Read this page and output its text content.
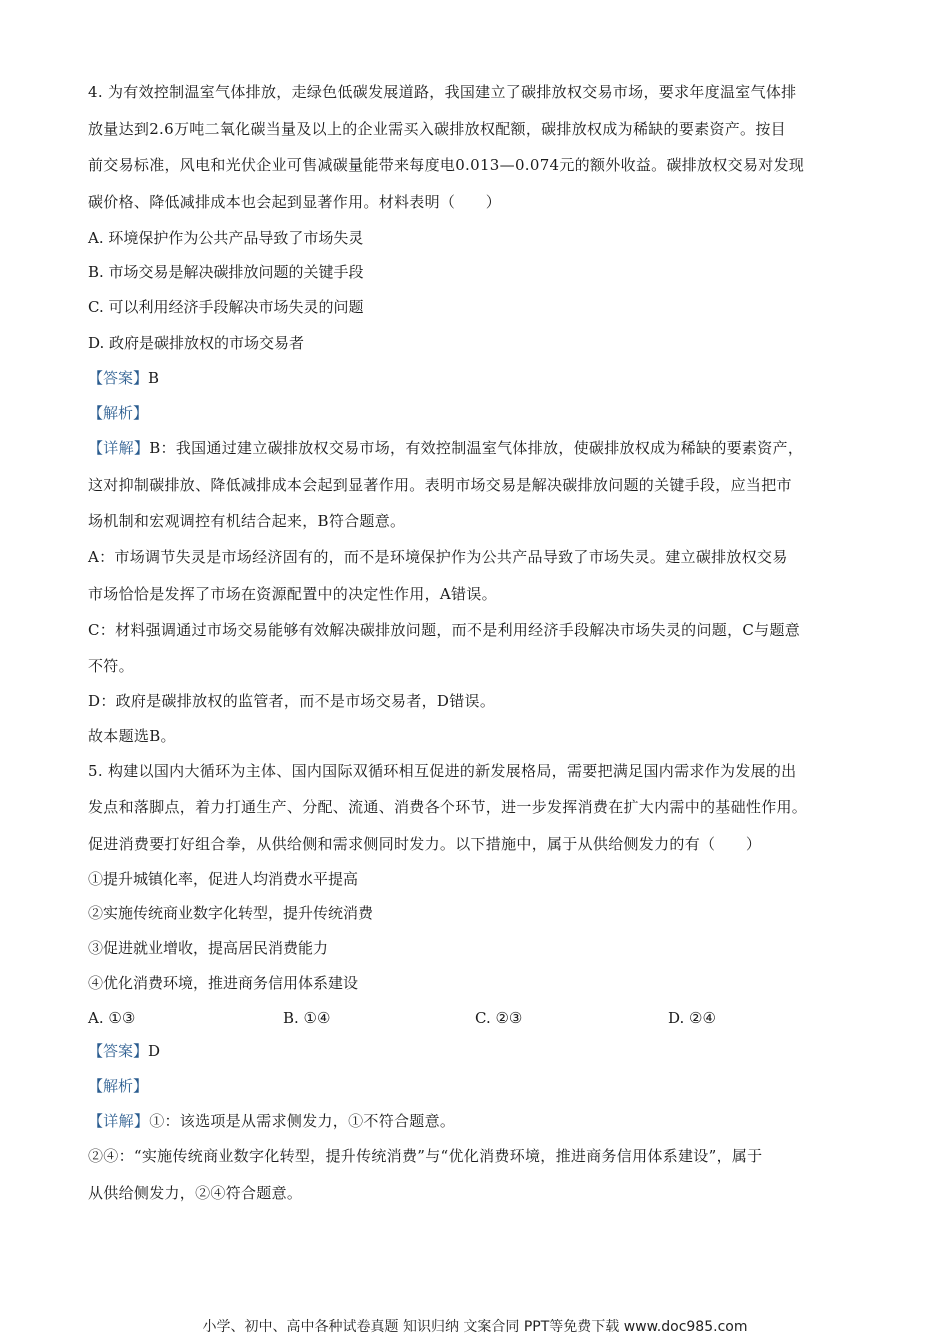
4. 为有效控制温室气体排放，走绿色低碳发展道路，我国建立了碳排放权交易市场，要求年度温室气体排
放量达到2.6万吨二氧化碳当量及以上的企业需买入碳排放权配额，碳排放权成为稀缺的要素资产。按目
前交易标准，风电和光伏企业可售减碳量能带来每度电0.013—0.074元的额外收益。碳排放权交易对发现
碳价格、降低减排成本也会起到显著作用。材料表明（　　）
A. 环境保护作为公共产品导致了市场失灵
B. 市场交易是解决碳排放问题的关键手段
C. 可以利用经济手段解决市场失灵的问题
D. 政府是碳排放权的市场交易者
【答案】B
【解析】
【详解】B：我国通过建立碳排放权交易市场，有效控制温室气体排放，使碳排放权成为稀缺的要素资产，
这对抑制碳排放、降低减排成本会起到显著作用。表明市场交易是解决碳排放问题的关键手段，应当把市
场机制和宏观调控有机结合起来，B符合题意。
A：市场调节失灵是市场经济固有的，而不是环境保护作为公共产品导致了市场失灵。建立碳排放权交易
市场恰恰是发挥了市场在资源配置中的决定性作用，A错误。
C：材料强调通过市场交易能够有效解决碳排放问题，而不是利用经济手段解决市场失灵的问题，C与题意
不符。
D：政府是碳排放权的监管者，而不是市场交易者，D错误。
故本题选B。
5. 构建以国内大循环为主体、国内国际双循环相互促进的新发展格局，需要把满足国内需求作为发展的出
发点和落脚点，着力打通生产、分配、流通、消费各个环节，进一步发挥消费在扩大内需中的基础性作用。
促进消费要打好组合拳，从供给侧和需求侧同时发力。以下措施中，属于从供给侧发力的有（　　）
①提升城镇化率，促进人均消费水平提高
②实施传统商业数字化转型，提升传统消费
③促进就业增收，提高居民消费能力
④优化消费环境，推进商务信用体系建设
A. ①③	B. ①④	C. ②③	D. ②④
【答案】D
【解析】
【详解】①：该选项是从需求侧发力，①不符合题意。
②④：“实施传统商业数字化转型，提升传统消费”与“优化消费环境，推进商务信用体系建设”，属于
从供给侧发力，②④符合题意。
小学、初中、高中各种试卷真题 知识归纳 文案合同 PPT等免费下载 www.doc985.com
